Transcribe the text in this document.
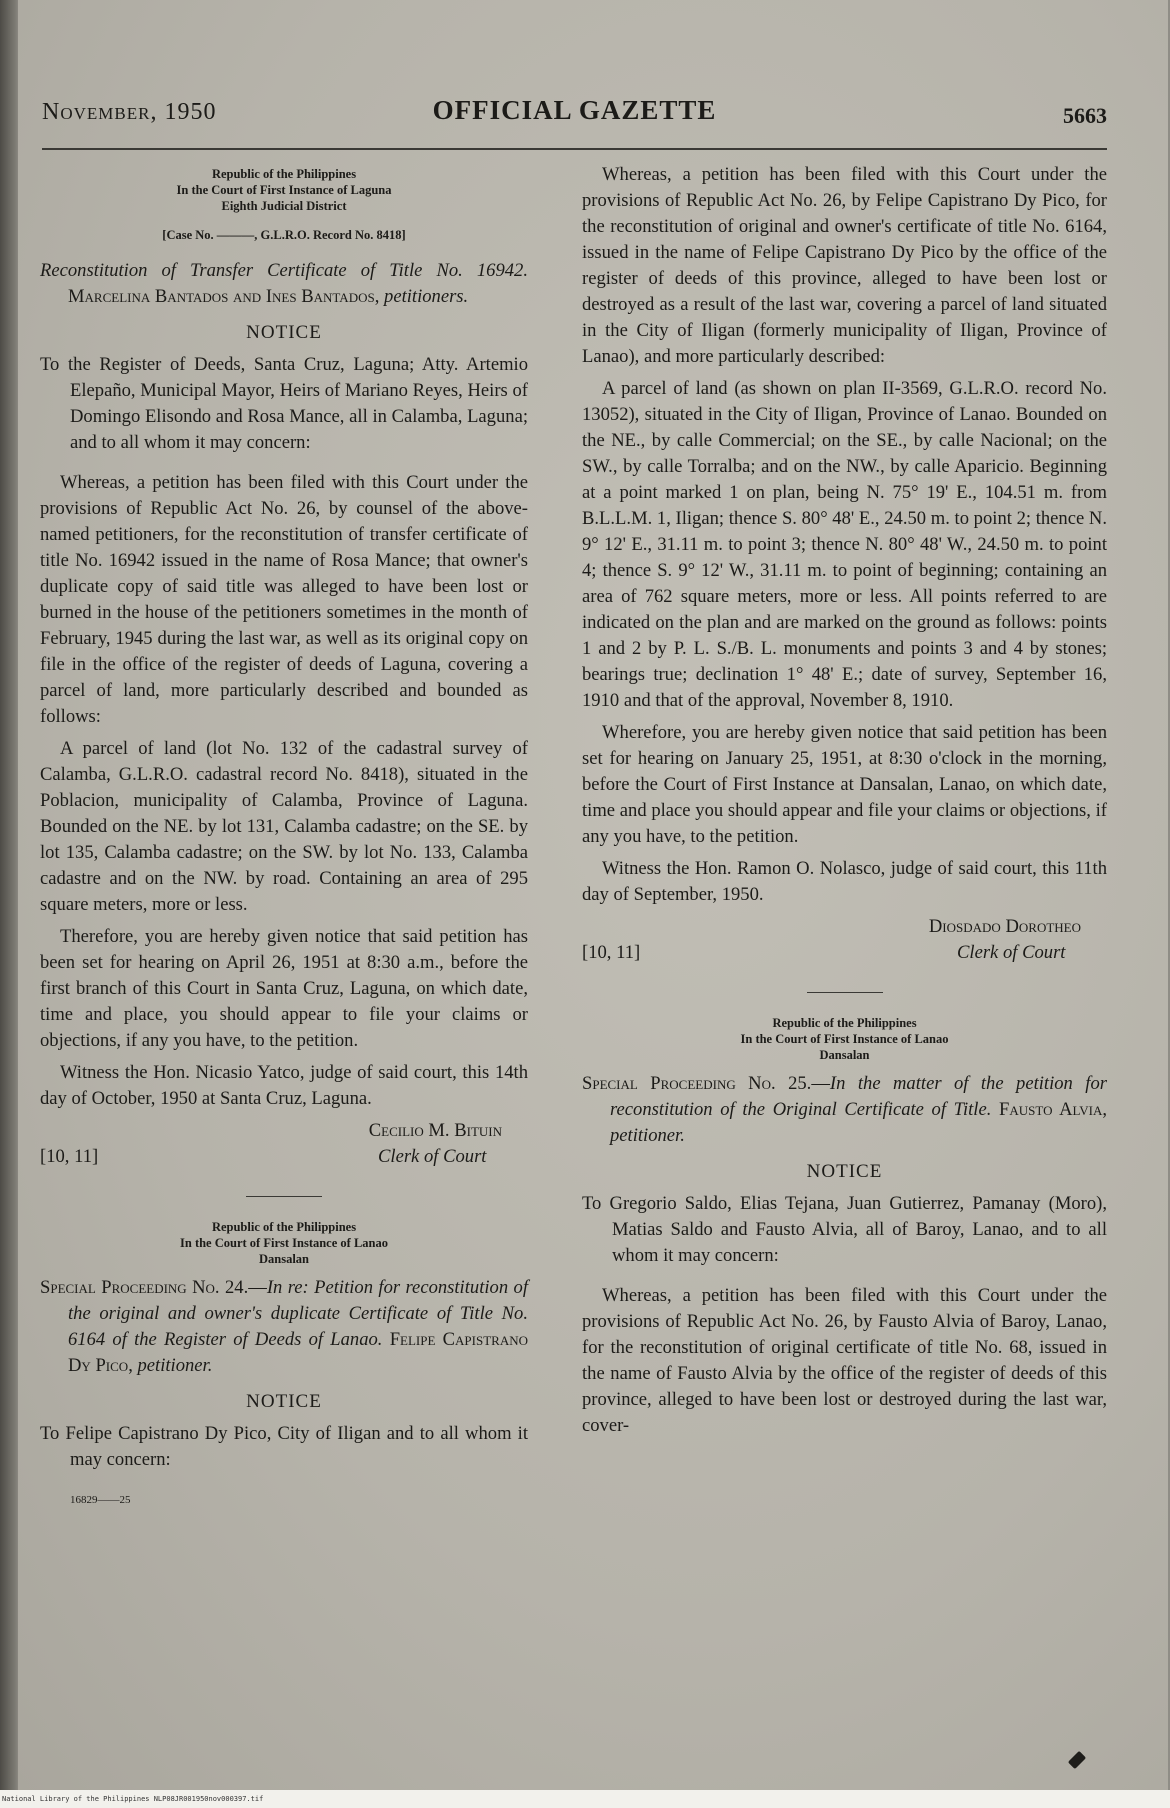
November, 1950	OFFICIAL GAZETTE	5663
Republic of the Philippines
In the Court of First Instance of Laguna
Eighth Judicial District
[Case No. ———, G.L.R.O. Record No. 8418]
Reconstitution of Transfer Certificate of Title No. 16942. Marcelina Bantados and Ines Bantados, petitioners.
NOTICE
To the Register of Deeds, Santa Cruz, Laguna; Atty. Artemio Elepaño, Municipal Mayor, Heirs of Mariano Reyes, Heirs of Domingo Elisondo and Rosa Mance, all in Calamba, Laguna; and to all whom it may concern:

Whereas, a petition has been filed with this Court under the provisions of Republic Act No. 26, by counsel of the above-named petitioners, for the reconstitution of transfer certificate of title No. 16942 issued in the name of Rosa Mance; that owner's duplicate copy of said title was alleged to have been lost or burned in the house of the petitioners sometimes in the month of February, 1945 during the last war, as well as its original copy on file in the office of the register of deeds of Laguna, covering a parcel of land, more particularly described and bounded as follows:

A parcel of land (lot No. 132 of the cadastral survey of Calamba, G.L.R.O. cadastral record No. 8418), situated in the Poblacion, municipality of Calamba, Province of Laguna. Bounded on the NE. by lot 131, Calamba cadastre; on the SE. by lot 135, Calamba cadastre; on the SW. by lot No. 133, Calamba cadastre and on the NW. by road. Containing an area of 295 square meters, more or less.

Therefore, you are hereby given notice that said petition has been set for hearing on April 26, 1951 at 8:30 a.m., before the first branch of this Court in Santa Cruz, Laguna, on which date, time and place, you should appear to file your claims or objections, if any you have, to the petition.

Witness the Hon. Nicasio Yatco, judge of said court, this 14th day of October, 1950 at Santa Cruz, Laguna.

Cecilio M. Bituin
[10, 11]	Clerk of Court
Republic of the Philippines
In the Court of First Instance of Lanao
Dansalan
Special Proceeding No. 24.—In re: Petition for reconstitution of the original and owner's duplicate Certificate of Title No. 6164 of the Register of Deeds of Lanao. Felipe Capistrano Dy Pico, petitioner.
NOTICE
To Felipe Capistrano Dy Pico, City of Iligan and to all whom it may concern:
16829——25

Whereas, a petition has been filed with this Court under the provisions of Republic Act No. 26, by Felipe Capistrano Dy Pico, for the reconstitution of original and owner's certificate of title No. 6164, issued in the name of Felipe Capistrano Dy Pico by the office of the register of deeds of this province, alleged to have been lost or destroyed as a result of the last war, covering a parcel of land situated in the City of Iligan (formerly municipality of Iligan, Province of Lanao), and more particularly described:

A parcel of land (as shown on plan II-3569, G.L.R.O. record No. 13052), situated in the City of Iligan, Province of Lanao. Bounded on the NE., by calle Commercial; on the SE., by calle Nacional; on the SW., by calle Torralba; and on the NW., by calle Aparicio. Beginning at a point marked 1 on plan, being N. 75° 19' E., 104.51 m. from B.L.L.M. 1, Iligan; thence S. 80° 48' E., 24.50 m. to point 2; thence N. 9° 12' E., 31.11 m. to point 3; thence N. 80° 48' W., 24.50 m. to point 4; thence S. 9° 12' W., 31.11 m. to point of beginning; containing an area of 762 square meters, more or less. All points referred to are indicated on the plan and are marked on the ground as follows: points 1 and 2 by P. L. S./B. L. monuments and points 3 and 4 by stones; bearings true; declination 1° 48' E.; date of survey, September 16, 1910 and that of the approval, November 8, 1910.

Wherefore, you are hereby given notice that said petition has been set for hearing on January 25, 1951, at 8:30 o'clock in the morning, before the Court of First Instance at Dansalan, Lanao, on which date, time and place you should appear and file your claims or objections, if any you have, to the petition.

Witness the Hon. Ramon O. Nolasco, judge of said court, this 11th day of September, 1950.

Diosdado Dorotheo
[10, 11]	Clerk of Court
Republic of the Philippines
In the Court of First Instance of Lanao
Dansalan
Special Proceeding No. 25.—In the matter of the petition for reconstitution of the Original Certificate of Title. Fausto Alvia, petitioner.
NOTICE
To Gregorio Saldo, Elias Tejana, Juan Gutierrez, Pamanay (Moro), Matias Saldo and Fausto Alvia, all of Baroy, Lanao, and to all whom it may concern:

Whereas, a petition has been filed with this Court under the provisions of Republic Act No. 26, by Fausto Alvia of Baroy, Lanao, for the reconstitution of original certificate of title No. 68, issued in the name of Fausto Alvia by the office of the register of deeds of this province, alleged to have been lost or destroyed during the last war, cover-

National Library of the Philippines NLP08JR001950nov000397.tif
